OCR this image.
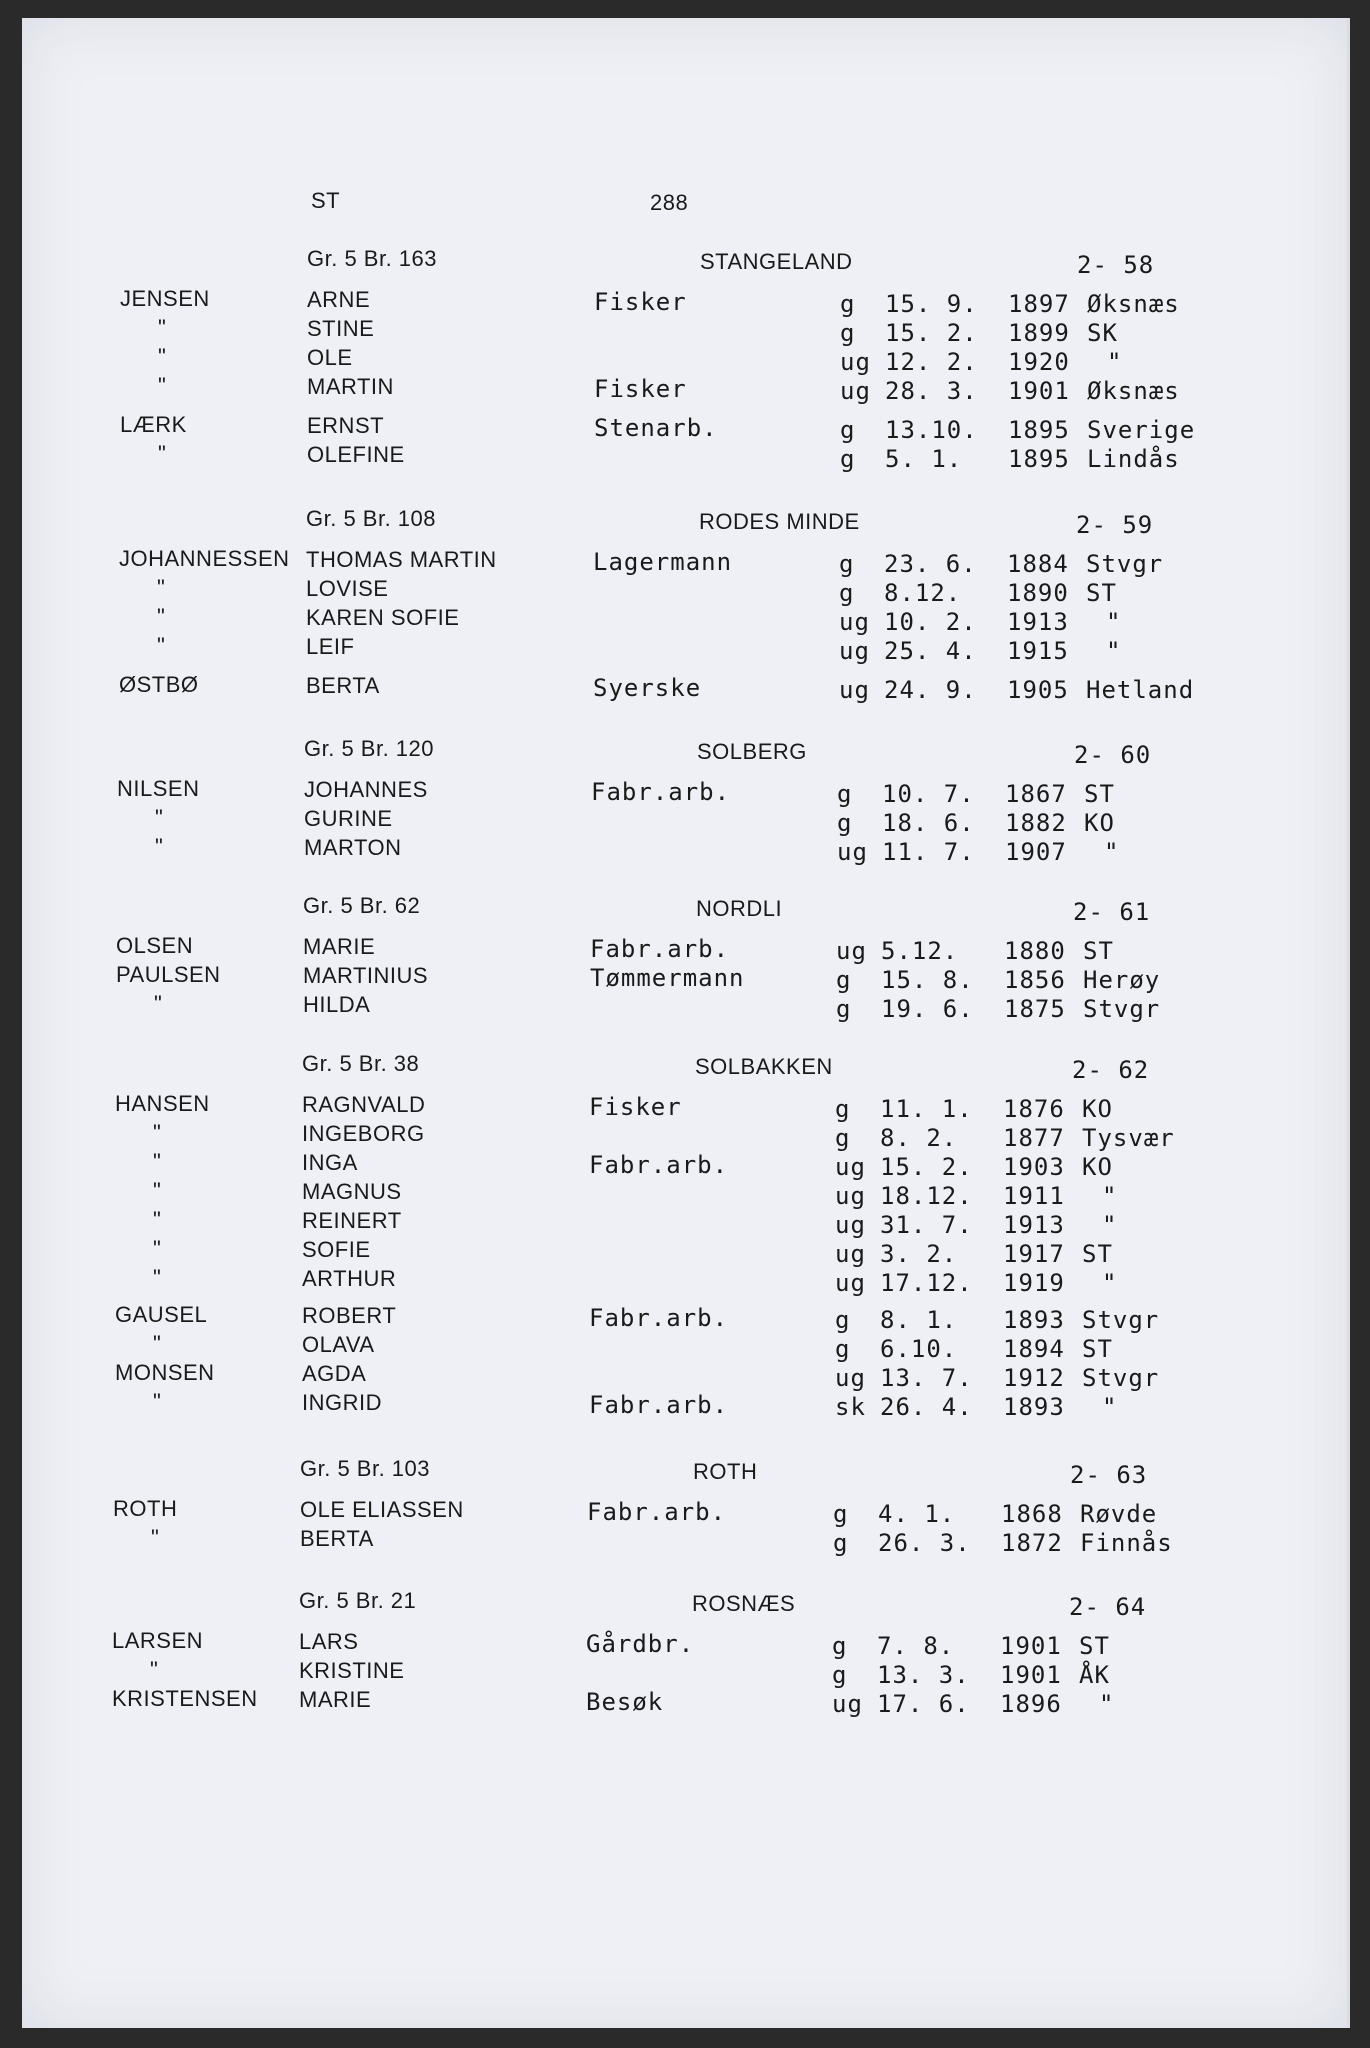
ST	288
Gr. 5 Br. 163	STANGELAND	2- 58
JENSEN	ARNE	Fisker	g 15. 9. 1897 Øksnæs
"	STINE	g 15. 2. 1899 SK
"	OLE	ug 12. 2. 1920 "
"	MARTIN	Fisker	ug 28. 3. 1901 Øksnæs
LÆRK	ERNST	Stenarb.	g 13.10. 1895 Sverige
"	OLEFINE	g 5. 1. 1895 Lindås
Gr. 5 Br. 108	RODES MINDE	2- 59
JOHANNESSEN THOMAS MARTIN	Lagermann	g 23. 6. 1884 Stvgr
"	LOVISE	g 8.12. 1890 ST
"	KAREN SOFIE	ug 10. 2. 1913 "
"	LEIF	ug 25. 4. 1915 "
ØSTBØ	BERTA	Syerske	ug 24. 9. 1905 Hetland
Gr. 5 Br. 120	SOLBERG	2- 60
NILSEN	JOHANNES	Fabr.arb.	g 10. 7. 1867 ST
"	GURINE	g 18. 6. 1882 KO
"	MARTON	ug 11. 7. 1907 "
Gr. 5 Br. 62	NORDLI	2- 61
OLSEN	MARIE	Fabr.arb.	ug 5.12. 1880 ST
PAULSEN	MARTINIUS	Tømmermann	g 15. 8. 1856 Herøy
"	HILDA	g 19. 6. 1875 Stvgr
Gr. 5 Br. 38	SOLBAKKEN	2- 62
HANSEN	RAGNVALD	Fisker	g 11. 1. 1876 KO
"	INGEBORG	g 8. 2. 1877 Tysvær
"	INGA	Fabr.arb.	ug 15. 2. 1903 KO
"	MAGNUS	ug 18.12. 1911 "
"	REINERT	ug 31. 7. 1913 "
"	SOFIE	ug 3. 2. 1917 ST
"	ARTHUR	ug 17.12. 1919 "
GAUSEL	ROBERT	Fabr.arb.	g 8. 1. 1893 Stvgr
"	OLAVA	g 6.10. 1894 ST
MONSEN	AGDA	ug 13. 7. 1912 Stvgr
"	INGRID	Fabr.arb.	sk 26. 4. 1893 "
Gr. 5 Br. 103	ROTH	2- 63
ROTH	OLE ELIASSEN	Fabr.arb.	g 4. 1. 1868 Røvde
"	BERTA	g 26. 3. 1872 Finnås
Gr. 5 Br. 21	ROSNÆS	2- 64
LARSEN	LARS	Gårdbr.	g 7. 8. 1901 ST
"	KRISTINE	g 13. 3. 1901 ÅK
KRISTENSEN MARIE	Besøk	ug 17. 6. 1896 "
